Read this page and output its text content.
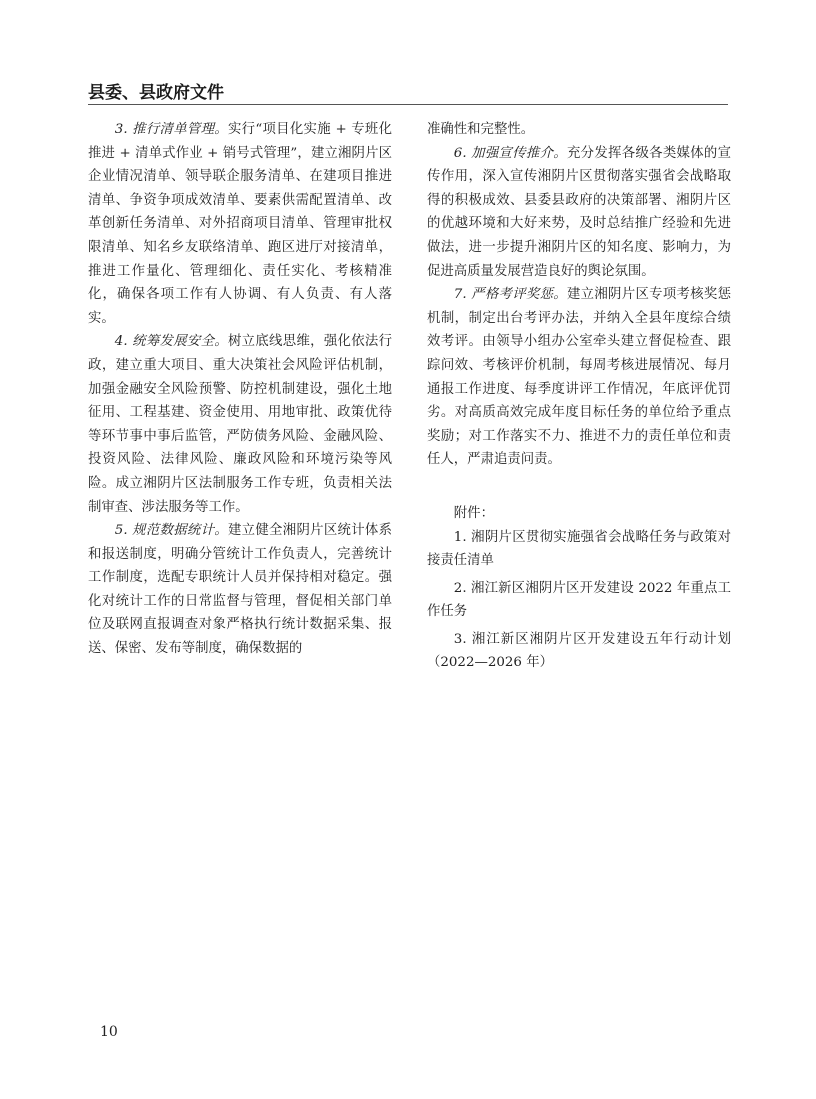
县委、县政府文件

3. 推行清单管理。实行“项目化实施 + 专班化推进 + 清单式作业 + 销号式管理”，建立湘阴片区企业情况清单、领导联企服务清单、在建项目推进清单、争资争项成效清单、要素供需配置清单、改革创新任务清单、对外招商项目清单、管理审批权限清单、知名乡友联络清单、跑区进厅对接清单，推进工作量化、管理细化、责任实化、考核精准化，确保各项工作有人协调、有人负责、有人落实。

4. 统筹发展安全。树立底线思维，强化依法行政，建立重大项目、重大决策社会风险评估机制，加强金融安全风险预警、防控机制建设，强化土地征用、工程基建、资金使用、用地审批、政策优待等环节事中事后监管，严防债务风险、金融风险、投资风险、法律风险、廉政风险和环境污染等风险。成立湘阴片区法制服务工作专班，负责相关法制审查、涉法服务等工作。

5. 规范数据统计。建立健全湘阴片区统计体系和报送制度，明确分管统计工作负责人，完善统计工作制度，选配专职统计人员并保持相对稳定。强化对统计工作的日常监督与管理，督促相关部门单位及联网直报调查对象严格执行统计数据采集、报送、保密、发布等制度，确保数据的

准确性和完整性。

6. 加强宣传推介。充分发挥各级各类媒体的宣传作用，深入宣传湘阴片区贯彻落实强省会战略取得的积极成效、县委县政府的决策部署、湘阴片区的优越环境和大好来势，及时总结推广经验和先进做法，进一步提升湘阴片区的知名度、影响力，为促进高质量发展营造良好的舆论氛围。

7. 严格考评奖惩。建立湘阴片区专项考核奖惩机制，制定出台考评办法，并纳入全县年度综合绩效考评。由领导小组办公室牵头建立督促检查、跟踪问效、考核评价机制，每周考核进展情况、每月通报工作进度、每季度讲评工作情况，年底评优罚劣。对高质高效完成年度目标任务的单位给予重点奖励；对工作落实不力、推进不力的责任单位和责任人，严肃追责问责。

附件：

1. 湘阴片区贯彻实施强省会战略任务与政策对接责任清单

2. 湘江新区湘阴片区开发建设 2022 年重点工作任务

3. 湘江新区湘阴片区开发建设五年行动计划（2022—2026 年）

10
